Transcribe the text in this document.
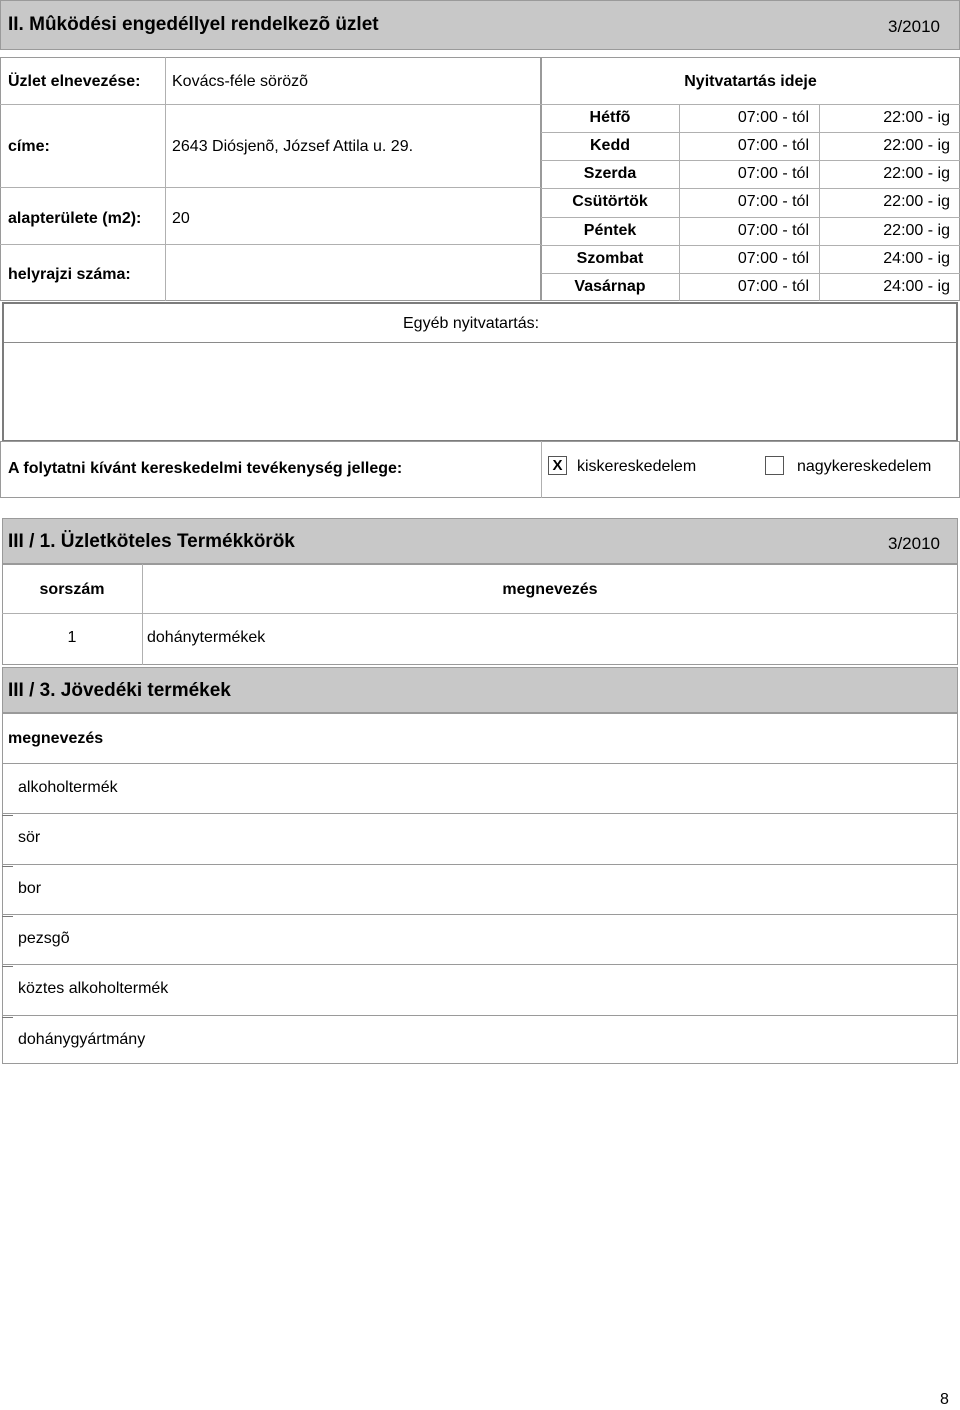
II. Mûködési engedéllyel rendelkezõ üzlet	3/2010
Üzlet elnevezése: Kovács-féle sörözõ
címe:	2643 Diósjenõ, József Attila u. 29.
alapterülete (m2): 20
helyrajzi száma:
Nyitvatartás ideje
Hétfõ	07:00 - tól	22:00 - ig
Kedd	07:00 - tól	22:00 - ig
Szerda	07:00 - tól	22:00 - ig
Csütörtök	07:00 - tól	22:00 - ig
Péntek	07:00 - tól	22:00 - ig
Szombat	07:00 - tól	24:00 - ig
Vasárnap	07:00 - tól	24:00 - ig
Egyéb nyitvatartás:
A folytatni kívánt kereskedelmi tevékenység jellege:	X kiskereskedelem	nagykereskedelem
III / 1. Üzletköteles Termékkörök	3/2010
sorszám	megnevezés
1	dohánytermékek
III / 3. Jövedéki termékek
megnevezés
alkoholtermék
sör
bor
pezsgõ
köztes alkoholtermék
dohánygyártmány
8
